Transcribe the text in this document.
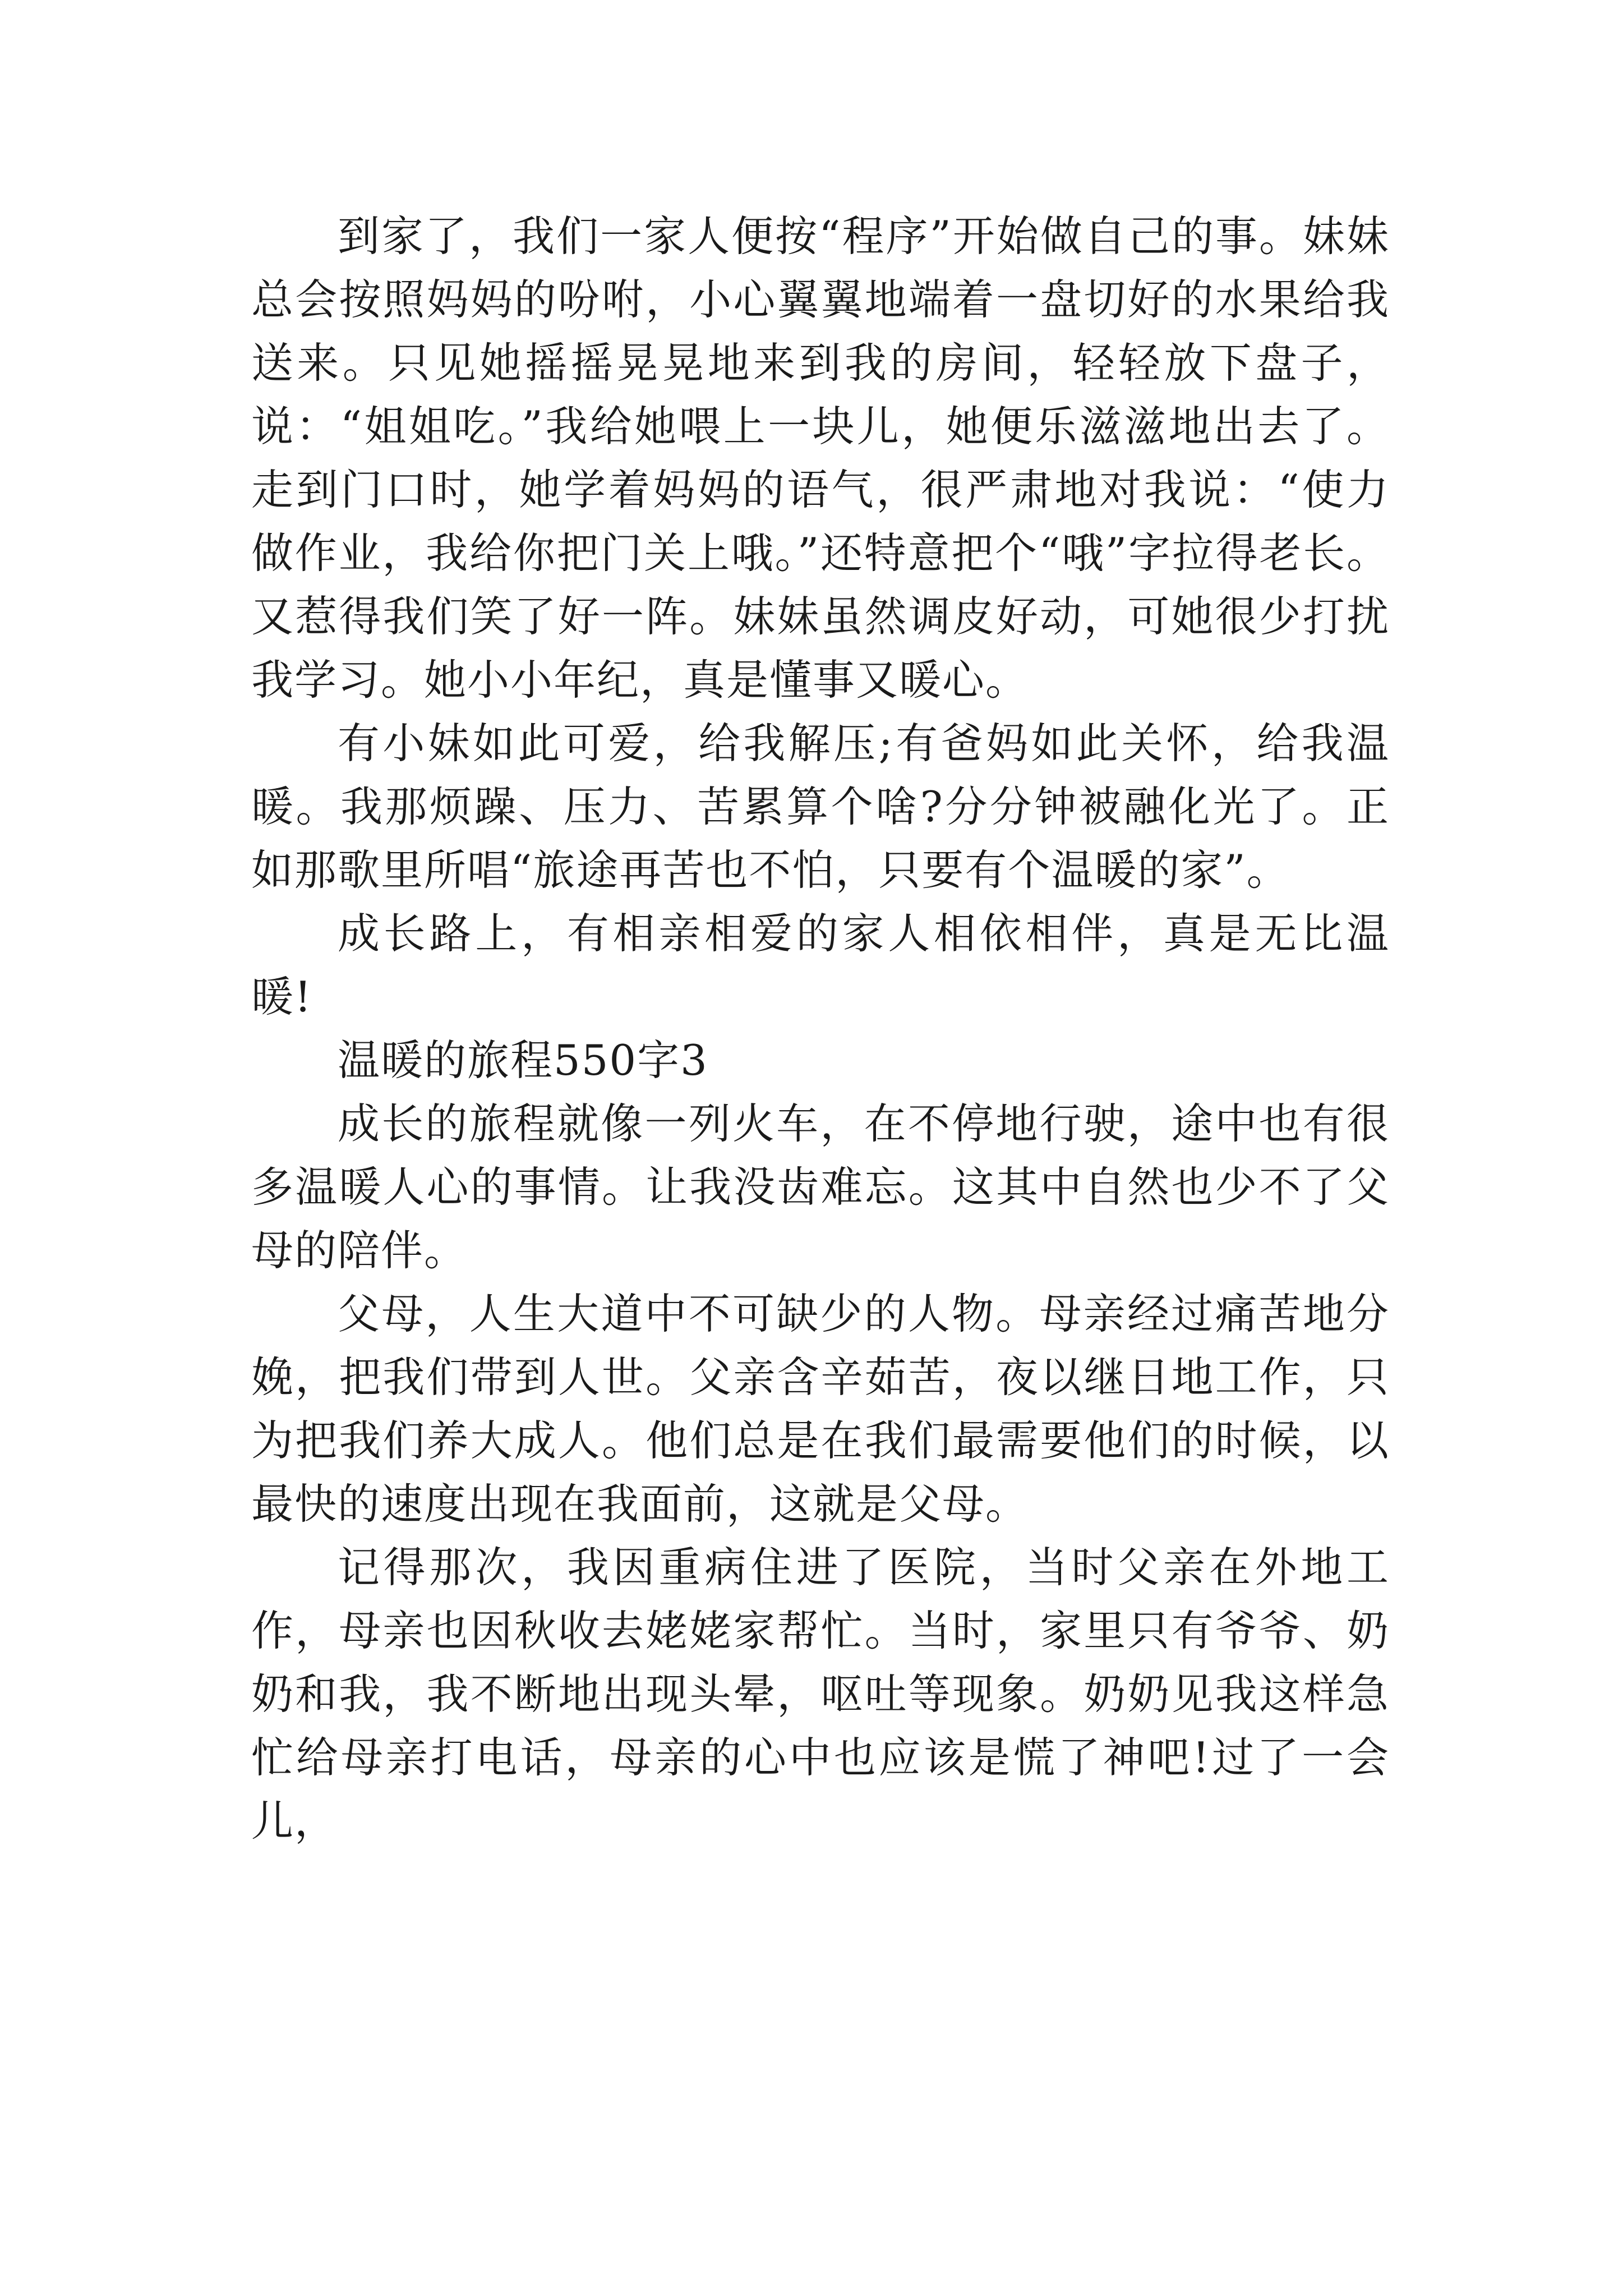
到家了，我们一家人便按“程序”开始做自己的事。妹妹总会按照妈妈的吩咐，小心翼翼地端着一盘切好的水果给我送来。只见她摇摇晃晃地来到我的房间，轻轻放下盘子，说：“姐姐吃。”我给她喂上一块儿，她便乐滋滋地出去了。走到门口时，她学着妈妈的语气，很严肃地对我说：“使力做作业，我给你把门关上哦。”还特意把个“哦”字拉得老长。又惹得我们笑了好一阵。妹妹虽然调皮好动，可她很少打扰我学习。她小小年纪，真是懂事又暖心。

有小妹如此可爱，给我解压;有爸妈如此关怀，给我温暖。我那烦躁、压力、苦累算个啥?分分钟被融化光了。正如那歌里所唱“旅途再苦也不怕，只要有个温暖的家”。

成长路上，有相亲相爱的家人相依相伴，真是无比温暖!

温暖的旅程550字3

成长的旅程就像一列火车，在不停地行驶，途中也有很多温暖人心的事情。让我没齿难忘。这其中自然也少不了父母的陪伴。

父母，人生大道中不可缺少的人物。母亲经过痛苦地分娩，把我们带到人世。父亲含辛茹苦，夜以继日地工作，只为把我们养大成人。他们总是在我们最需要他们的时候，以最快的速度出现在我面前，这就是父母。

记得那次，我因重病住进了医院，当时父亲在外地工作，母亲也因秋收去姥姥家帮忙。当时，家里只有爷爷、奶奶和我，我不断地出现头晕，呕吐等现象。奶奶见我这样急忙给母亲打电话，母亲的心中也应该是慌了神吧!过了一会儿，
